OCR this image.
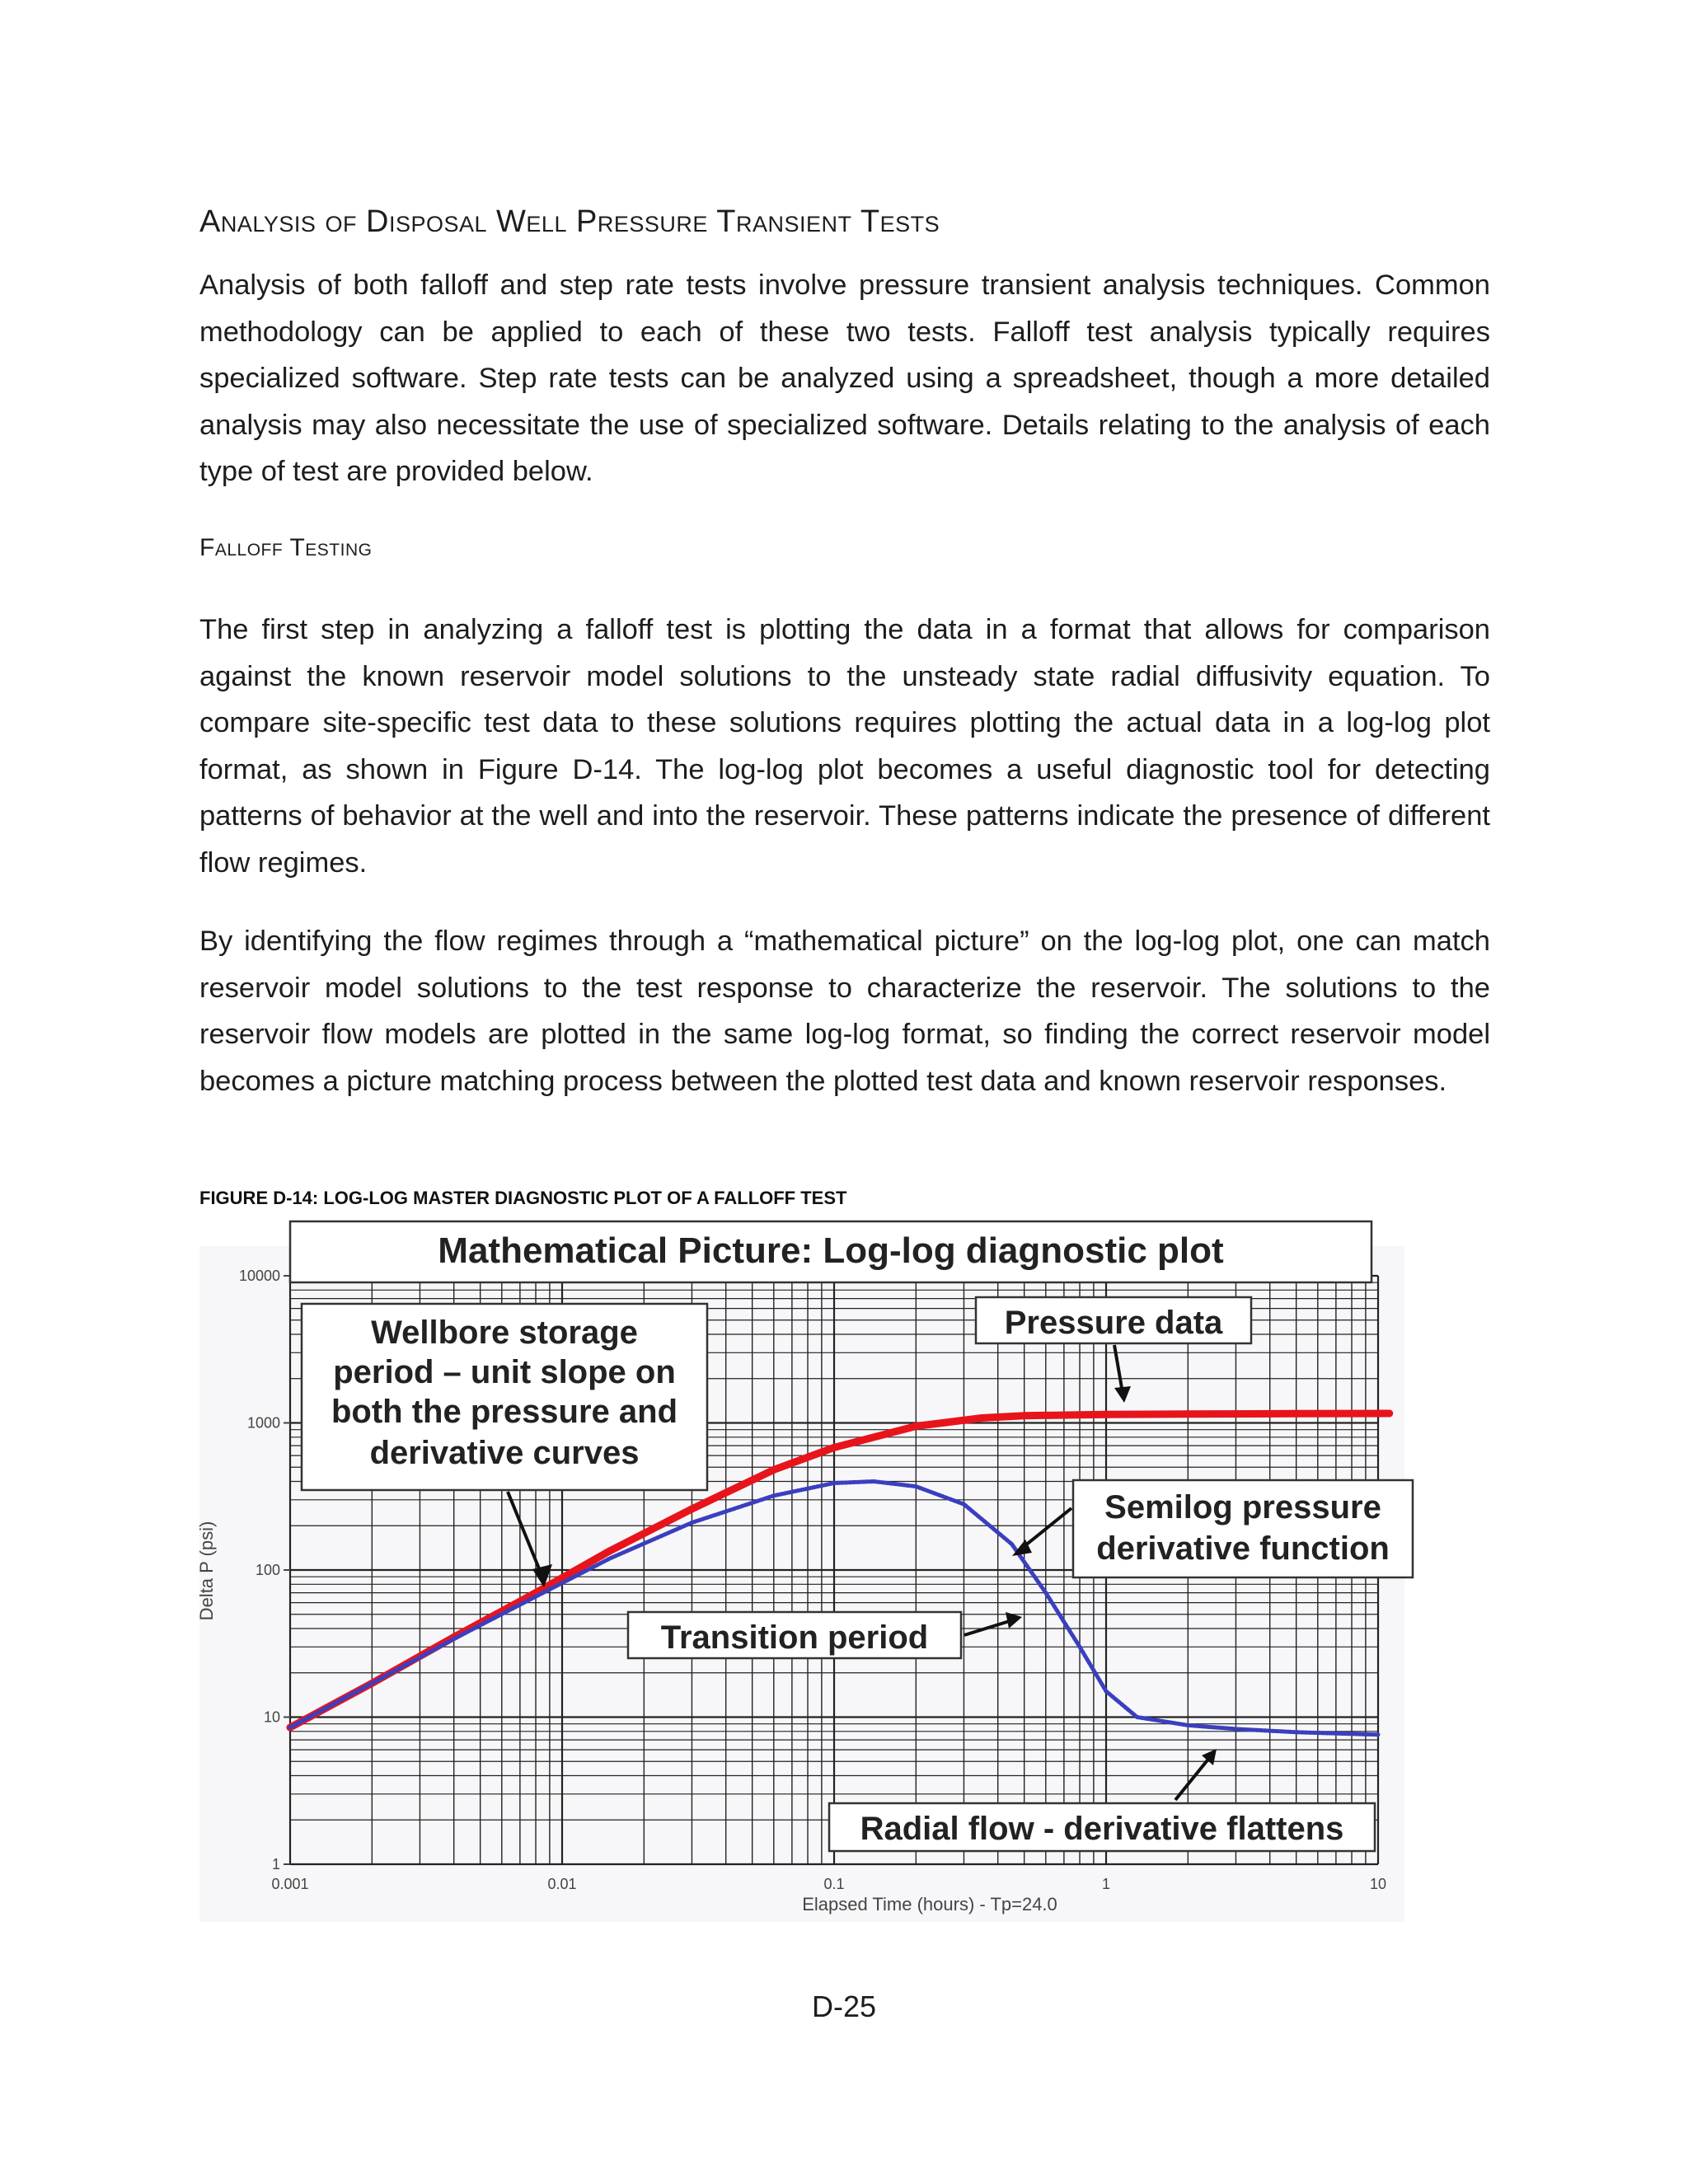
Analysis of Disposal Well Pressure Transient Tests

Analysis of both falloff and step rate tests involve pressure transient analysis techniques. Common methodology can be applied to each of these two tests. Falloff test analysis typically requires specialized software. Step rate tests can be analyzed using a spreadsheet, though a more detailed analysis may also necessitate the use of specialized software. Details relating to the analysis of each type of test are provided below.

Falloff Testing

The first step in analyzing a falloff test is plotting the data in a format that allows for comparison against the known reservoir model solutions to the unsteady state radial diffusivity equation. To compare site-specific test data to these solutions requires plotting the actual data in a log-log plot format, as shown in Figure D-14. The log-log plot becomes a useful diagnostic tool for detecting patterns of behavior at the well and into the reservoir. These patterns indicate the presence of different flow regimes.

By identifying the flow regimes through a “mathematical picture” on the log-log plot, one can match reservoir model solutions to the test response to characterize the reservoir. The solutions to the reservoir flow models are plotted in the same log-log format, so finding the correct reservoir model becomes a picture matching process between the plotted test data and known reservoir responses.

FIGURE D-14: LOG-LOG MASTER DIAGNOSTIC PLOT OF A FALLOFF TEST
Elapsed Time (hours) - Tp=24.0
Delta P (psi)
0.001	0.01	0.1	1	10
1
10
100
1000
10000
Mathematical Picture: Log-log diagnostic plot
Wellbore storage
period – unit slope on
both the pressure and
derivative curves
Pressure data
Semilog pressure
derivative function
Transition period
Radial flow - derivative flattens
D-25
